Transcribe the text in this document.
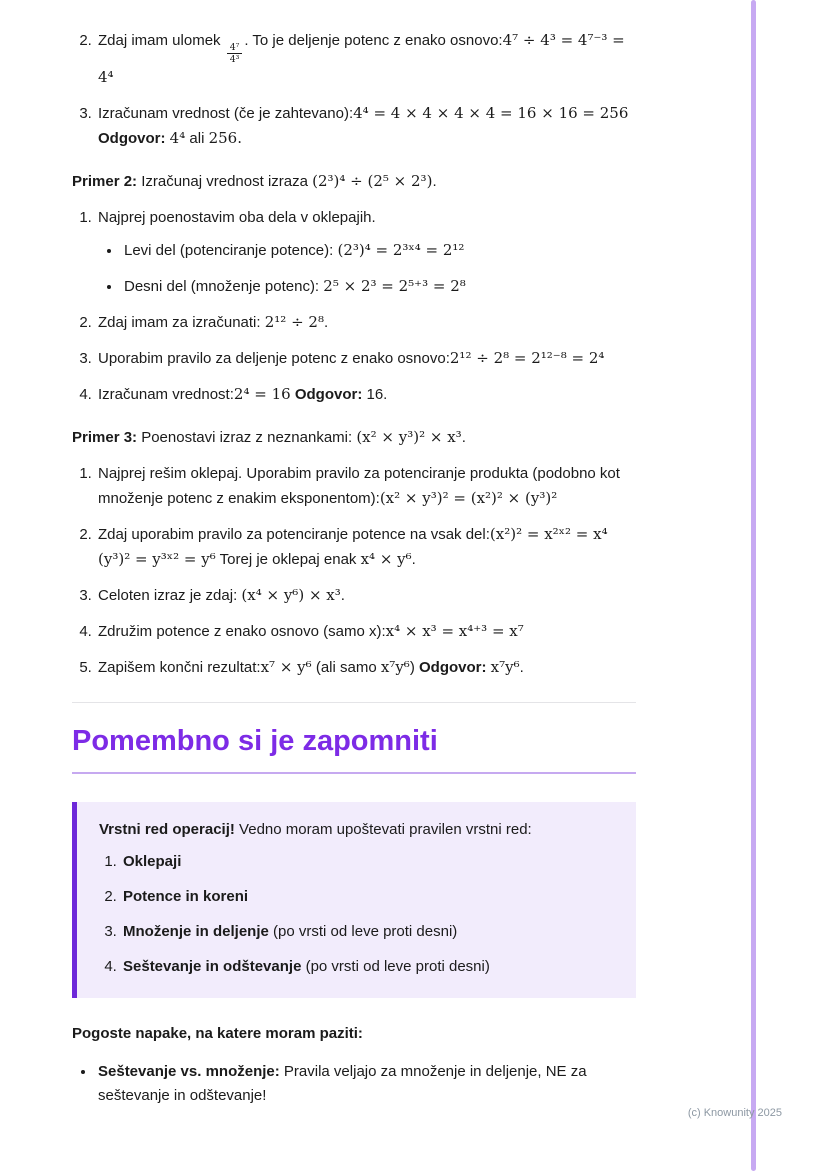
2. Zdaj imam ulomek
$\frac{\text{4⁷}}{\text{4³}}$
. To je deljenje potenc z enako osnovo:4⁷ ÷ 4³ = 4⁷⁻³ = 4⁴
3. Izračunam vrednost (če je zahtevano):4⁴ = 4 × 4 × 4 × 4 = 16 × 16 = 256
Odgovor: 4⁴ ali 256.

Primer 2: Izračunaj vrednost izraza (2³)⁴ ÷ (2⁵ × 2³).

1. Najprej poenostavim oba dela v oklepajih.
• Levi del (potenciranje potence): (2³)⁴ = 2³ˣ⁴ = 2¹²
• Desni del (množenje potenc): 2⁵ × 2³ = 2⁵⁺³ = 2⁸
2. Zdaj imam za izračunati: 2¹² ÷ 2⁸.
3. Uporabim pravilo za deljenje potenc z enako osnovo:2¹² ÷ 2⁸ = 2¹²⁻⁸ = 2⁴
4. Izračunam vrednost:2⁴ = 16 Odgovor: 16.

Primer 3: Poenostavi izraz z neznankami: (x² × y³)² × x³.

1. Najprej rešim oklepaj. Uporabim pravilo za potenciranje produkta (podobno kot množenje potenc z enakim eksponentom):(x² × y³)² = (x²)² × (y³)²
2. Zdaj uporabim pravilo za potenciranje potence na vsak del:(x²)² = x²ˣ² = x⁴ (y³)² = y³ˣ² = y⁶ Torej je oklepaj enak x⁴ × y⁶.
3. Celoten izraz je zdaj: (x⁴ × y⁶) × x³.
4. Združim potence z enako osnovo (samo x):x⁴ × x³ = x⁴⁺³ = x⁷
5. Zapišem končni rezultat:x⁷ × y⁶ (ali samo x⁷y⁶) Odgovor: x⁷y⁶.
Pomembno si je zapomniti

Vrstni red operacij! Vedno moram upoštevati pravilen vrstni red:

1. Oklepaji
2. Potence in koreni
3. Množenje in deljenje (po vrsti od leve proti desni)
4. Seštevanje in odštevanje (po vrsti od leve proti desni)

Pogoste napake, na katere moram paziti:

• Seštevanje vs. množenje: Pravila veljajo za množenje in deljenje, NE za seštevanje in odštevanje!
(c) Knowunity 2025
